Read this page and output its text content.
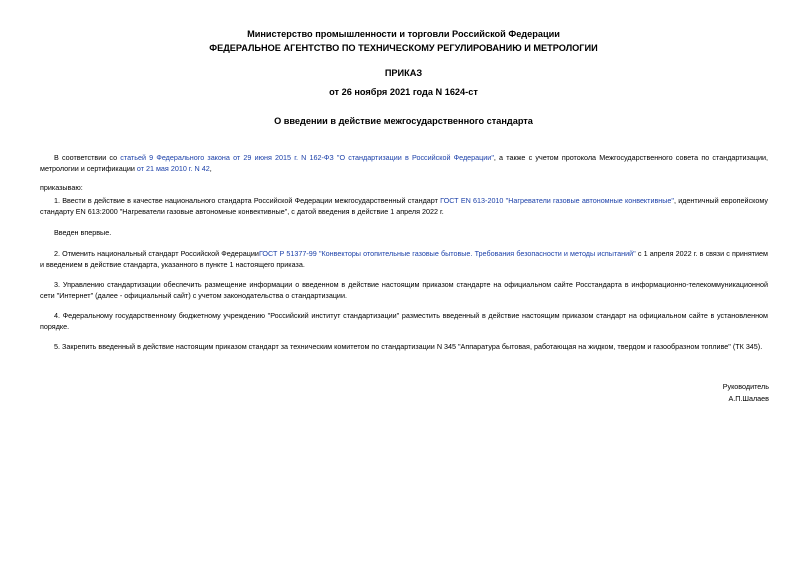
Министерство промышленности и торговли Российской Федерации
ФЕДЕРАЛЬНОЕ АГЕНТСТВО ПО ТЕХНИЧЕСКОМУ РЕГУЛИРОВАНИЮ И МЕТРОЛОГИИ
ПРИКАЗ
от 26 ноября 2021 года N 1624-ст
О введении в действие межгосударственного стандарта
В соответствии со статьей 9 Федерального закона от 29 июня 2015 г. N 162-ФЗ "О стандартизации в Российской Федерации", а также с учетом протокола Межгосударственного совета по стандартизации, метрологии и сертификации от 21 мая 2010 г. N 42,
приказываю:
1. Ввести в действие в качестве национального стандарта Российской Федерации межгосударственный стандарт ГОСТ EN 613-2010 "Нагреватели газовые автономные конвективные", идентичный европейскому стандарту EN 613:2000 "Нагреватели газовые автономные конвективные", с датой введения в действие 1 апреля 2022 г.
Введен впервые.
2. Отменить национальный стандарт Российской ФедерацииГОСТ Р 51377-99 "Конвекторы отопительные газовые бытовые. Требования безопасности и методы испытаний" с 1 апреля 2022 г. в связи с принятием и введением в действие стандарта, указанного в пункте 1 настоящего приказа.
3. Управлению стандартизации обеспечить размещение информации о введенном в действие настоящим приказом стандарте на официальном сайте Росстандарта в информационно-телекоммуникационной сети "Интернет" (далее - официальный сайт) с учетом законодательства о стандартизации.
4. Федеральному государственному бюджетному учреждению "Российский институт стандартизации" разместить введенный в действие настоящим приказом стандарт на официальном сайте в установленном порядке.
5. Закрепить введенный в действие настоящим приказом стандарт за техническим комитетом по стандартизации N 345 "Аппаратура бытовая, работающая на жидком, твердом и газообразном топливе" (ТК 345).
Руководитель
А.П.Шалаев
